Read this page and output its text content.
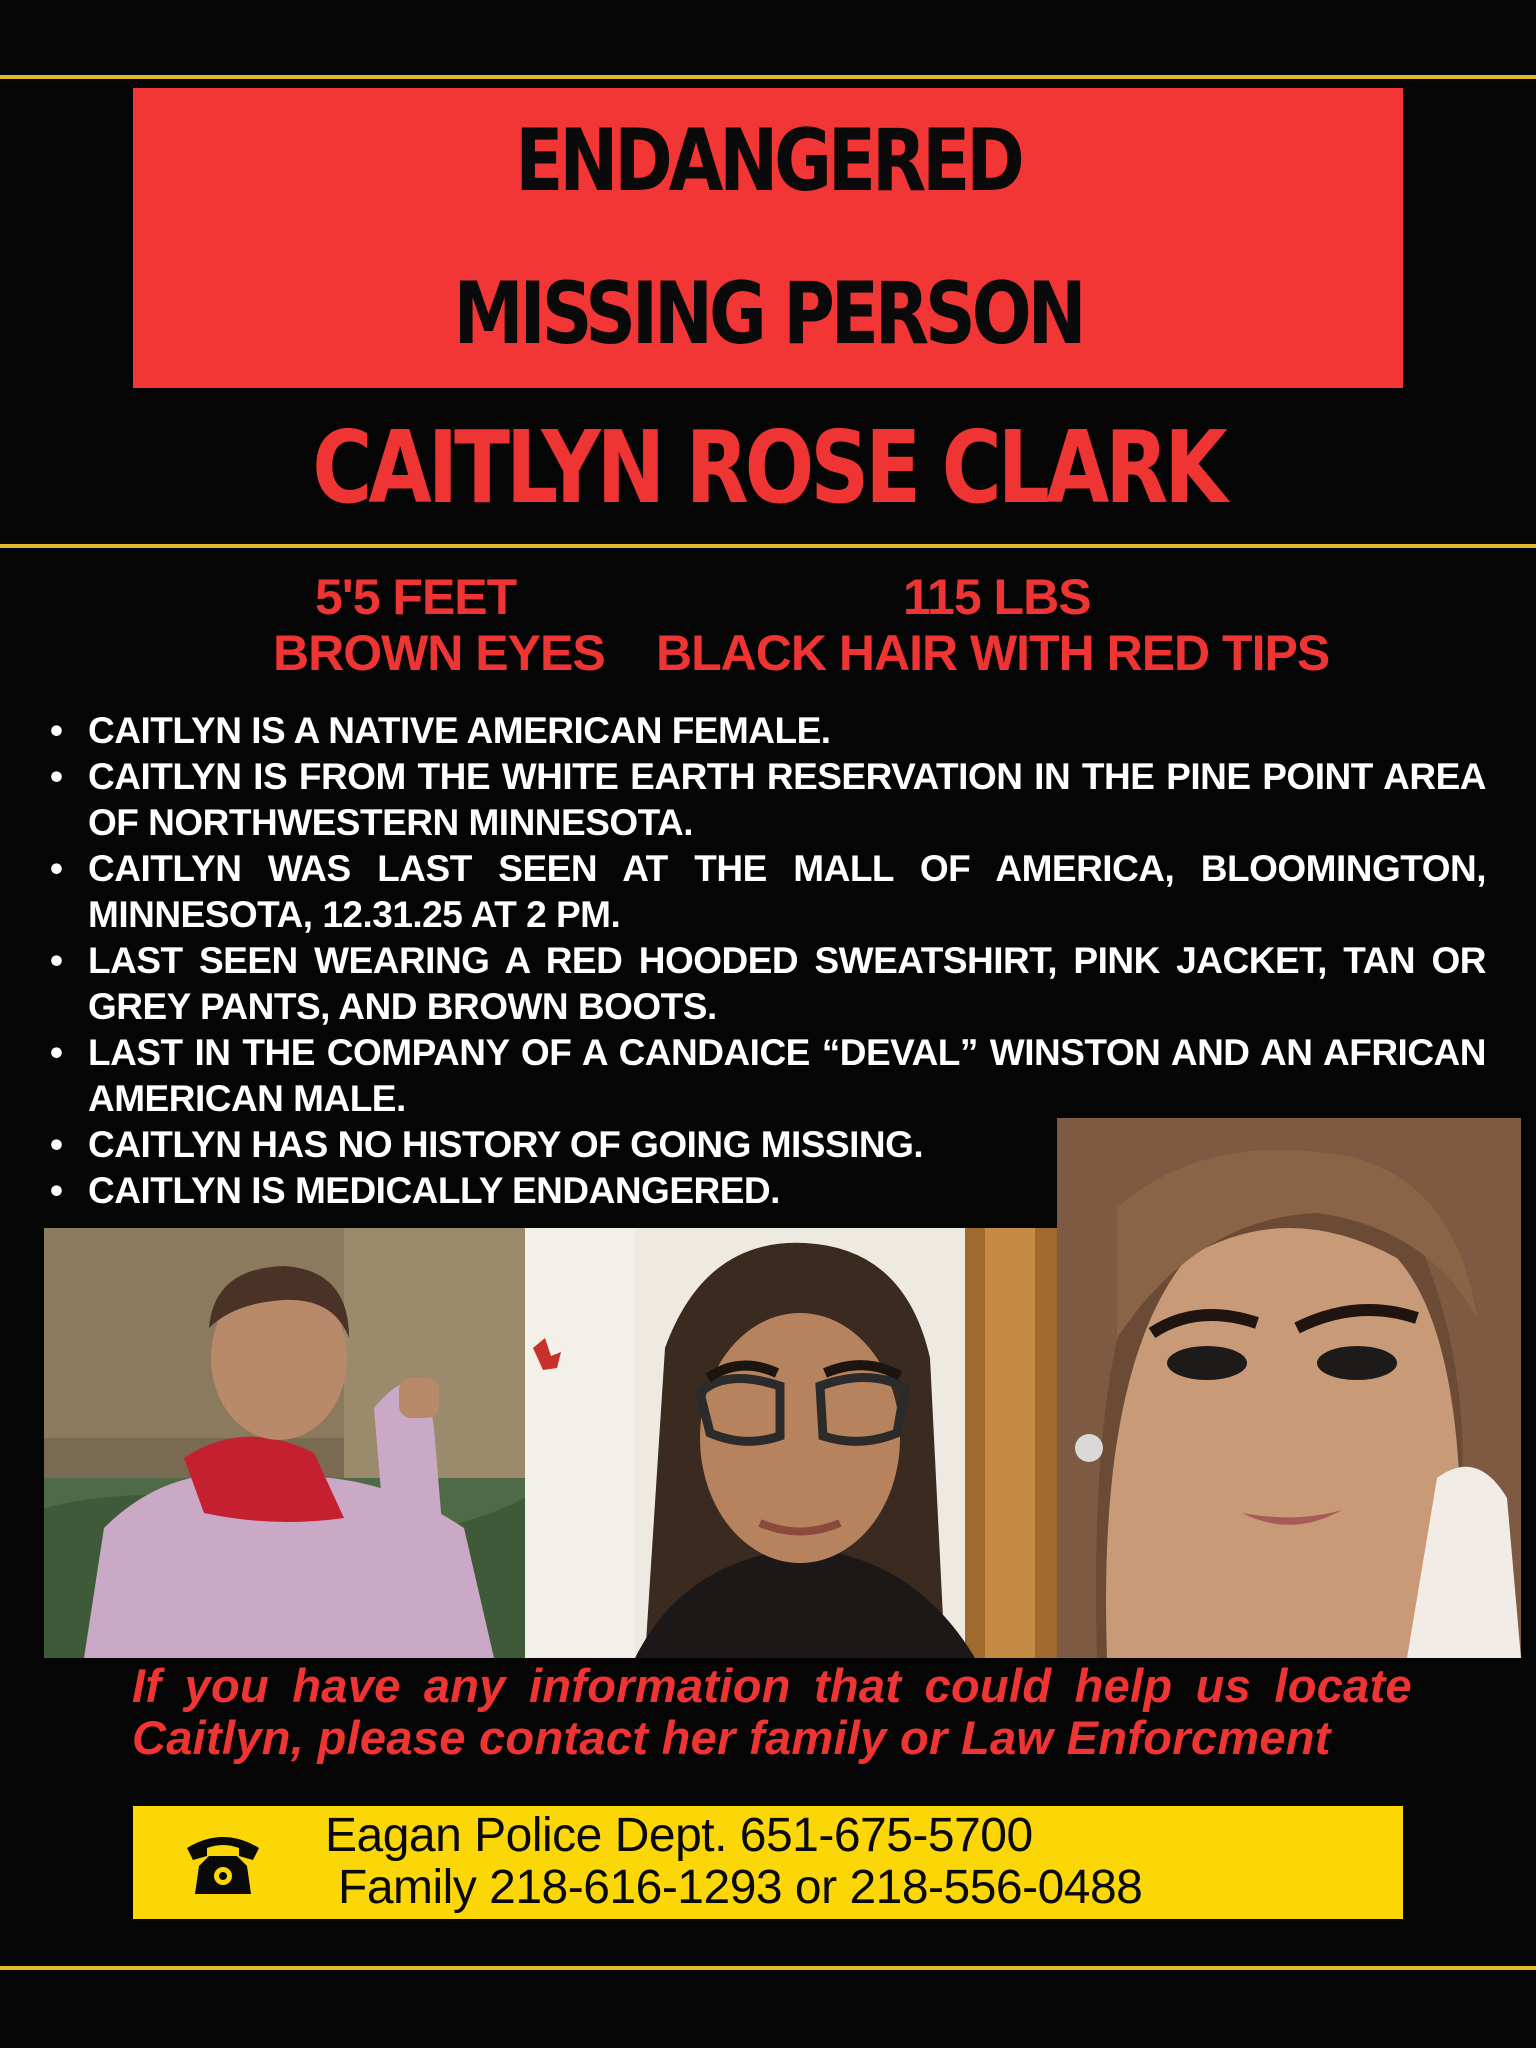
ENDANGERED
MISSING PERSON
CAITLYN ROSE CLARK
5'5 FEET	115 LBS
BROWN EYES BLACK HAIR WITH RED TIPS
• CAITLYN IS A NATIVE AMERICAN FEMALE.
• CAITLYN IS FROM THE WHITE EARTH RESERVATION IN THE PINE POINT AREA OF NORTHWESTERN MINNESOTA.
• CAITLYN WAS LAST SEEN AT THE MALL OF AMERICA, BLOOMINGTON, MINNESOTA, 12.31.25 AT 2 PM.
• LAST SEEN WEARING A RED HOODED SWEATSHIRT, PINK JACKET, TAN OR GREY PANTS, AND BROWN BOOTS.
• LAST IN THE COMPANY OF A CANDAICE “DEVAL” WINSTON AND AN AFRICAN AMERICAN MALE.
• CAITLYN HAS NO HISTORY OF GOING MISSING.
• CAITLYN IS MEDICALLY ENDANGERED.
If you have any information that could help us locate Caitlyn, please contact her family or Law Enforcment
Eagan Police Dept. 651-675-5700
Family 218-616-1293 or 218-556-0488
